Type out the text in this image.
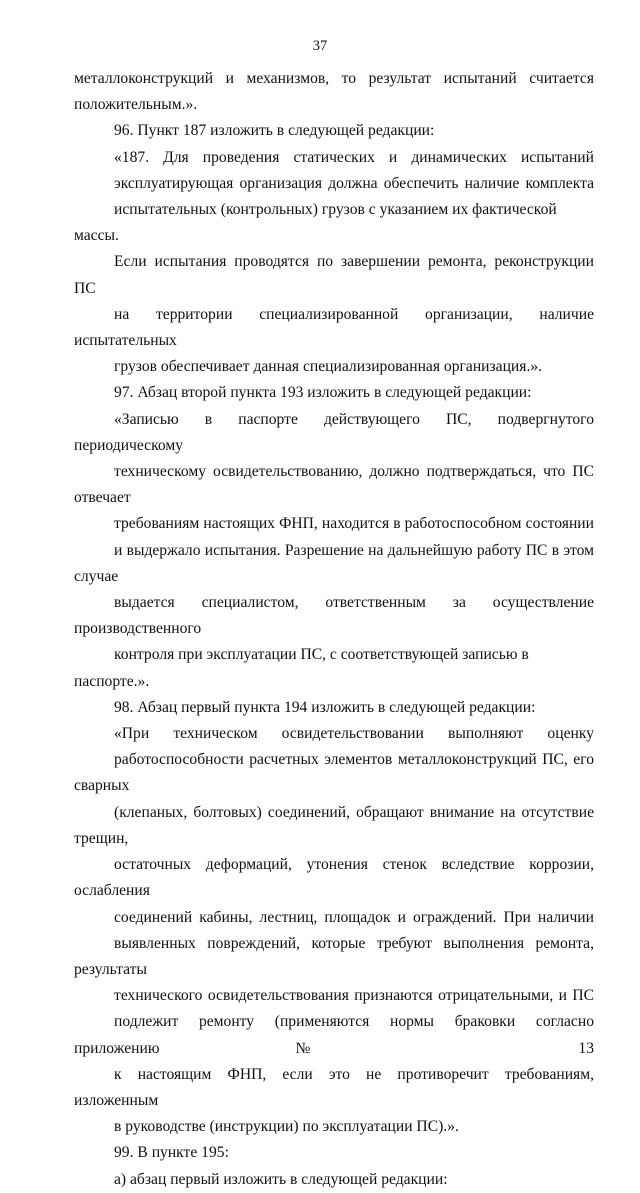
37

металлоконструкций и механизмов, то результат испытаний считается
положительным.».

96. Пункт 187 изложить в следующей редакции:

«187. Для проведения статических и динамических испытаний
эксплуатирующая организация должна обеспечить наличие комплекта
испытательных (контрольных) грузов с указанием их фактической массы.

Если испытания проводятся по завершении ремонта, реконструкции ПС
на территории специализированной организации, наличие испытательных
грузов обеспечивает данная специализированная организация.».

97. Абзац второй пункта 193 изложить в следующей редакции:

«Записью в паспорте действующего ПС, подвергнутого периодическому
техническому освидетельствованию, должно подтверждаться, что ПС отвечает
требованиям настоящих ФНП, находится в работоспособном состоянии
и выдержало испытания. Разрешение на дальнейшую работу ПС в этом случае
выдается специалистом, ответственным за осуществление производственного
контроля при эксплуатации ПС, с соответствующей записью в паспорте.».

98. Абзац первый пункта 194 изложить в следующей редакции:

«При техническом освидетельствовании выполняют оценку
работоспособности расчетных элементов металлоконструкций ПС, его сварных
(клепаных, болтовых) соединений, обращают внимание на отсутствие трещин,
остаточных деформаций, утонения стенок вследствие коррозии, ослабления
соединений кабины, лестниц, площадок и ограждений. При наличии
выявленных повреждений, которые требуют выполнения ремонта, результаты
технического освидетельствования признаются отрицательными, и ПС
подлежит ремонту (применяются нормы браковки согласно приложению № 13
к настоящим ФНП, если это не противоречит требованиям, изложенным
в руководстве (инструкции) по эксплуатации ПС).».

99. В пункте 195:

а) абзац первый изложить в следующей редакции:
